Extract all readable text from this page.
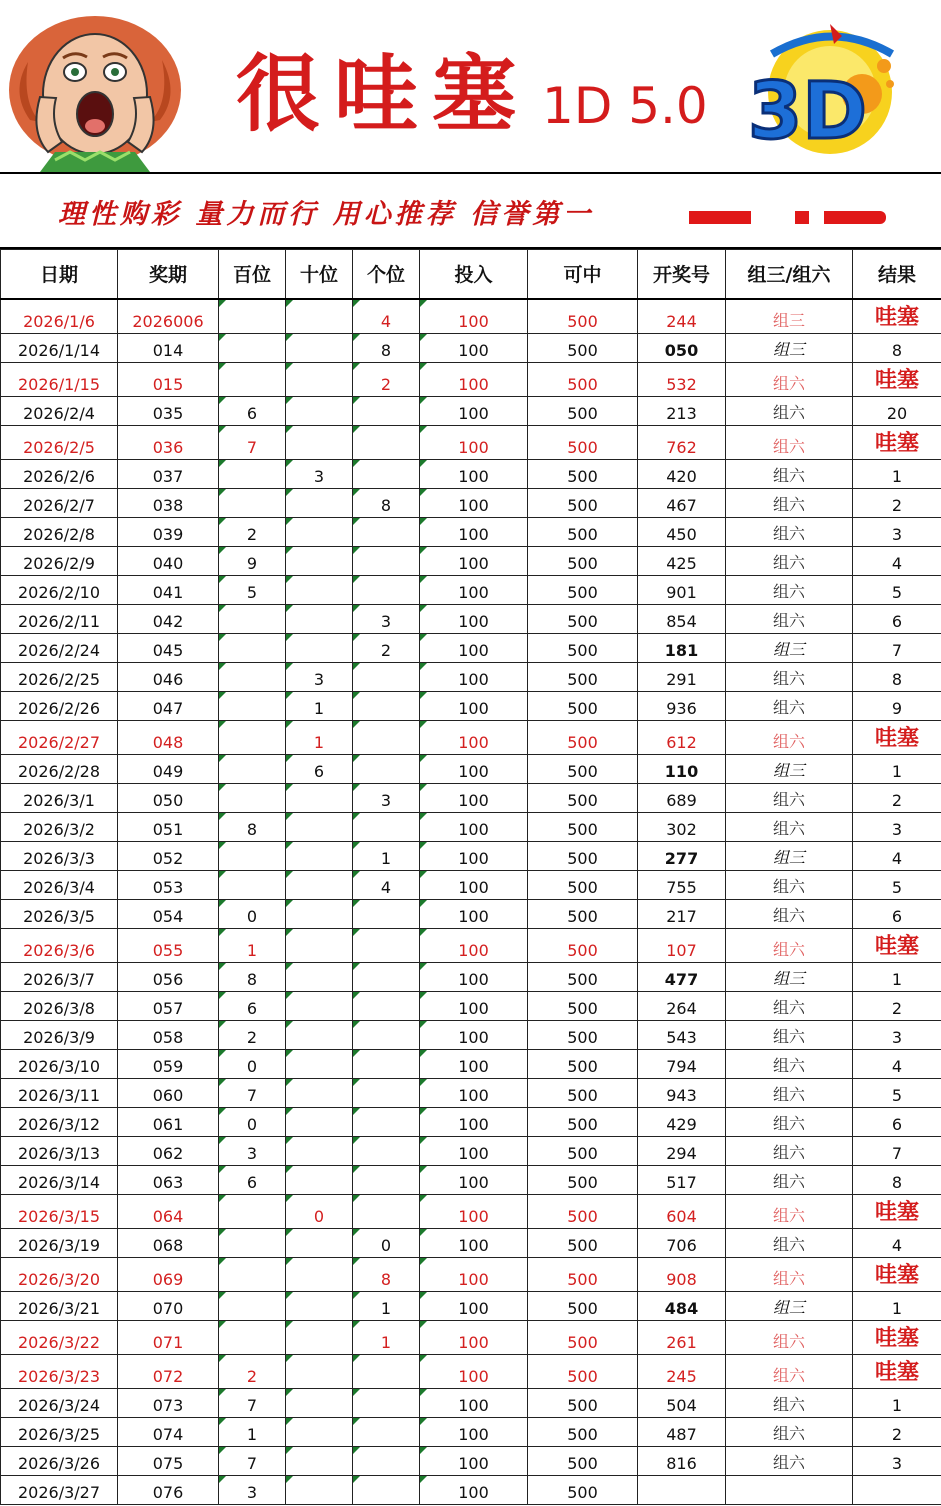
很哇塞 1D 5.0 3D
理性购彩 量力而行 用心推荐 信誉第一
日期	奖期	百位	十位	个位	投入	可中	开奖号	组三/组六	结果
2026/1/6	2026006			4	100	500	244	组三	哇塞
2026/1/14	014			8	100	500	050	组三	8
2026/1/15	015			2	100	500	532	组六	哇塞
2026/2/4	035	6			100	500	213	组六	20
2026/2/5	036	7			100	500	762	组六	哇塞
2026/2/6	037		3		100	500	420	组六	1
2026/2/7	038			8	100	500	467	组六	2
2026/2/8	039	2			100	500	450	组六	3
2026/2/9	040	9			100	500	425	组六	4
2026/2/10	041	5			100	500	901	组六	5
2026/2/11	042			3	100	500	854	组六	6
2026/2/24	045			2	100	500	181	组三	7
2026/2/25	046		3		100	500	291	组六	8
2026/2/26	047		1		100	500	936	组六	9
2026/2/27	048		1		100	500	612	组六	哇塞
2026/2/28	049		6		100	500	110	组三	1
2026/3/1	050			3	100	500	689	组六	2
2026/3/2	051	8			100	500	302	组六	3
2026/3/3	052			1	100	500	277	组三	4
2026/3/4	053			4	100	500	755	组六	5
2026/3/5	054	0			100	500	217	组六	6
2026/3/6	055	1			100	500	107	组六	哇塞
2026/3/7	056	8			100	500	477	组三	1
2026/3/8	057	6			100	500	264	组六	2
2026/3/9	058	2			100	500	543	组六	3
2026/3/10	059	0			100	500	794	组六	4
2026/3/11	060	7			100	500	943	组六	5
2026/3/12	061	0			100	500	429	组六	6
2026/3/13	062	3			100	500	294	组六	7
2026/3/14	063	6			100	500	517	组六	8
2026/3/15	064		0		100	500	604	组六	哇塞
2026/3/19	068			0	100	500	706	组六	4
2026/3/20	069			8	100	500	908	组六	哇塞
2026/3/21	070			1	100	500	484	组三	1
2026/3/22	071			1	100	500	261	组六	哇塞
2026/3/23	072	2			100	500	245	组六	哇塞
2026/3/24	073	7			100	500	504	组六	1
2026/3/25	074	1			100	500	487	组六	2
2026/3/26	075	7			100	500	816	组六	3
2026/3/27	076	3			100	500			
